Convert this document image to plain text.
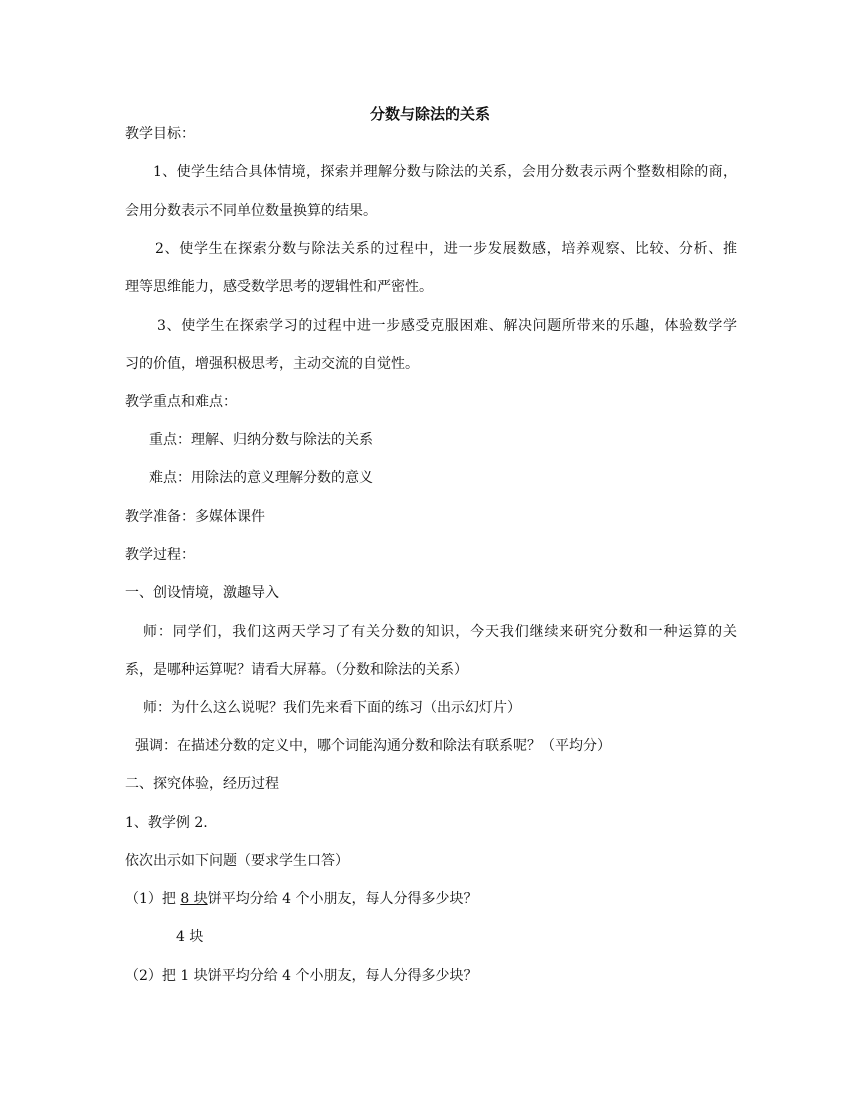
分数与除法的关系
教学目标：
1、使学生结合具体情境，探索并理解分数与除法的关系，会用分数表示两个整数相除的商，
会用分数表示不同单位数量换算的结果。
2、使学生在探索分数与除法关系的过程中，进一步发展数感，培养观察、比较、分析、推
理等思维能力，感受数学思考的逻辑性和严密性。
3、使学生在探索学习的过程中进一步感受克服困难、解决问题所带来的乐趣，体验数学学
习的价值，增强积极思考，主动交流的自觉性。
教学重点和难点：
重点：理解、归纳分数与除法的关系
难点：用除法的意义理解分数的意义
教学准备：多媒体课件
教学过程：
一、创设情境，激趣导入
师：同学们，我们这两天学习了有关分数的知识，今天我们继续来研究分数和一种运算的关
系，是哪种运算呢？请看大屏幕。（分数和除法的关系）
师：为什么这么说呢？我们先来看下面的练习（出示幻灯片）
强调：在描述分数的定义中，哪个词能沟通分数和除法有联系呢？（平均分）
二、探究体验，经历过程
1、教学例 2.
依次出示如下问题（要求学生口答）
（1）把 8 块饼平均分给 4 个小朋友，每人分得多少块？
4 块
（2）把 1 块饼平均分给 4 个小朋友，每人分得多少块？
